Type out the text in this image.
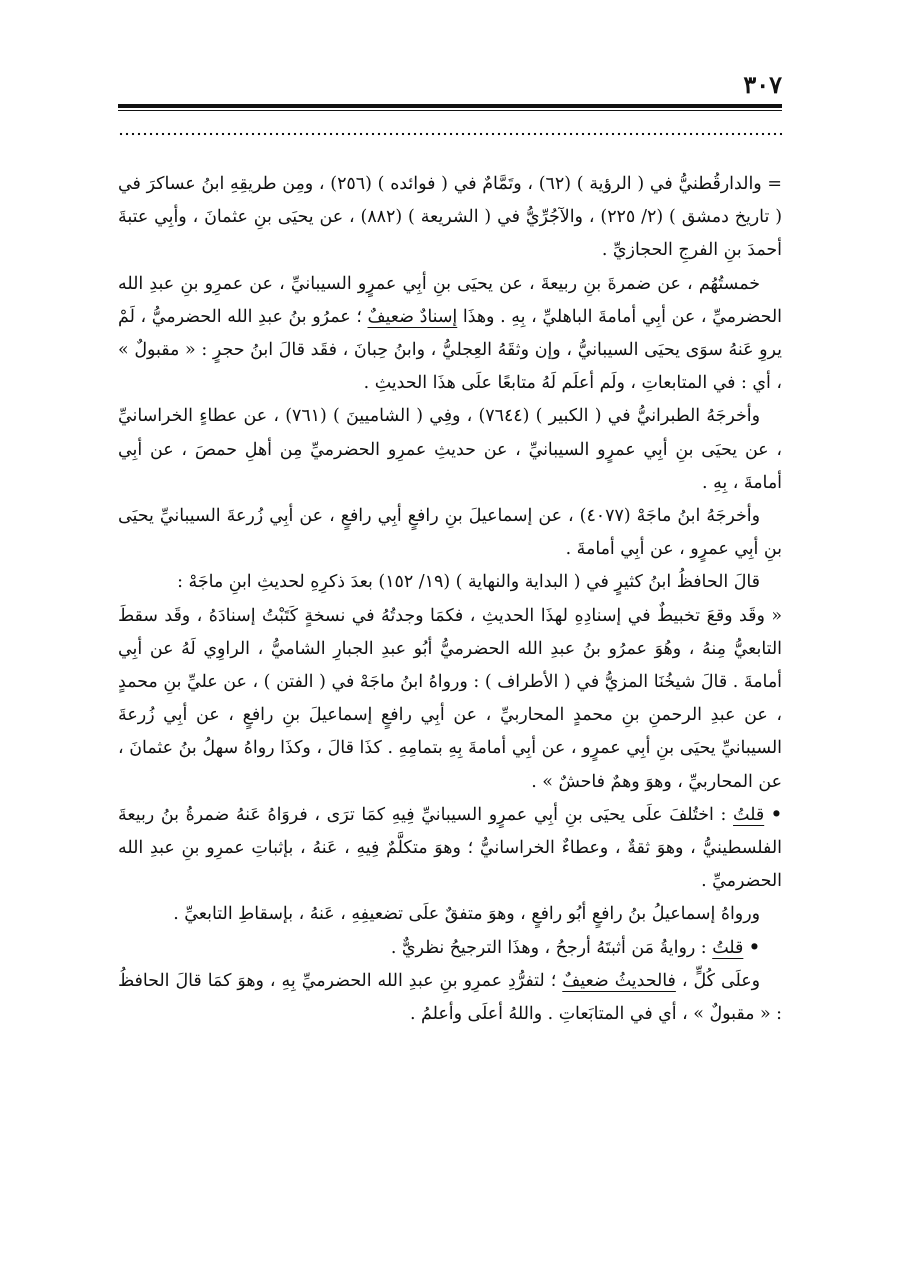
٣٠٧

= والدارقُطنيُّ في ( الرؤية ) (٦٢) ، وتَمَّامٌ في ( فوائده ) (٢٥٦) ، ومِن طريقِهِ ابنُ عساكرَ في ( تاريخ دمشق ) (٢/ ٢٢٥) ، والآجُرِّيُّ في ( الشريعة ) (٨٨٢) ، عن يحيَى بنِ عثمانَ ، وأبِي عتبةَ أحمدَ بنِ الفرجِ الحجازيِّ .

خمستُهُم ، عن ضمرةَ بنِ ربيعةَ ، عن يحيَى بنِ أبِي عمرٍو السيبانيِّ ، عن عمرِو بنِ عبدِ الله الحضرميِّ ، عن أبِي أمامةَ الباهليِّ ، بِهِ . وهذَا إسنادٌ ضعيفٌ ؛ عمرُو بنُ عبدِ الله الحضرميُّ ، لَمْ يروِ عَنهُ سوَى يحيَى السيبانيُّ ، وإن وثقَهُ العِجليُّ ، وابنُ حِبانَ ، فقَد قالَ ابنُ حجرٍ : « مقبولٌ » ، أي : في المتابعاتِ ، ولَم أعلَم لَهُ متابعًا علَى هذَا الحديثِ .

وأخرجَهُ الطبرانيُّ في ( الكبير ) (٧٦٤٤) ، وفِي ( الشاميينَ ) (٧٦١) ، عن عطاءٍ الخراسانيِّ ، عن يحيَى بنِ أبِي عمرٍو السيبانيِّ ، عن حديثِ عمرِو الحضرميِّ مِن أهلِ حمصَ ، عن أبِي أمامةَ ، بِهِ .

وأخرجَهُ ابنُ ماجَهْ (٤٠٧٧) ، عن إسماعيلَ بنِ رافعٍ أبِي رافعٍ ، عن أبِي زُرعةَ السيبانيِّ يحيَى بنِ أبِي عمرٍو ، عن أبِي أمامةَ .

قالَ الحافظُ ابنُ كثيرٍ في ( البداية والنهاية ) (١٩/ ١٥٢) بعدَ ذكرِهِ لحديثِ ابنِ ماجَهْ :

« وقَد وقعَ تخبيطٌ في إسنادِهِ لهذَا الحديثِ ، فكمَا وجدتُهُ في نسخةٍ كَتَبْتُ إسنادَهُ ، وقَد سقطَ التابعيُّ مِنهُ ، وهُوَ عمرُو بنُ عبدِ الله الحضرميُّ أبُو عبدِ الجبارِ الشاميُّ ، الراوِي لَهُ عن أبِي أمامةَ . قالَ شيخُنَا المزيُّ في ( الأطراف ) : ورواهُ ابنُ ماجَهْ في ( الفتن ) ، عن عليِّ بنِ محمدٍ ، عن عبدِ الرحمنِ بنِ محمدٍ المحاربيِّ ، عن أبِي رافعٍ إسماعيلَ بنِ رافعٍ ، عن أبِي زُرعةَ السيبانيِّ يحيَى بنِ أبِي عمرٍو ، عن أبِي أمامةَ بِهِ بتمامِهِ . كذَا قالَ ، وكذَا رواهُ سهلُ بنُ عثمانَ ، عن المحاربيِّ ، وهوَ وهمٌ فاحشٌ » .

• قلتُ : اختُلفَ علَى يحيَى بنِ أبِي عمرٍو السيبانيِّ فِيهِ كمَا ترَى ، فروَاهُ عَنهُ ضمرةُ بنُ ربيعةَ الفلسطينيُّ ، وهوَ ثقةٌ ، وعطاءٌ الخراسانيُّ ؛ وهوَ متكلَّمٌ فِيهِ ، عَنهُ ، بإثباتِ عمرِو بنِ عبدِ الله الحضرميِّ .

ورواهُ إسماعيلُ بنُ رافعٍ أبُو رافعٍ ، وهوَ متفقٌ علَى تضعيفِهِ ، عَنهُ ، بإسقاطِ التابعيِّ .

• قلتُ : روايةُ مَن أثبتَهُ أرجحُ ، وهذَا الترجيحُ نظريٌّ .

وعلَى كُلٍّ ، فالحديثُ ضعيفٌ ؛ لتفرُّدِ عمرِو بنِ عبدِ الله الحضرميِّ بِهِ ، وهوَ كمَا قالَ الحافظُ : « مقبولٌ » ، أي في المتابَعاتِ . واللهُ أعلَى وأعلمُ .
